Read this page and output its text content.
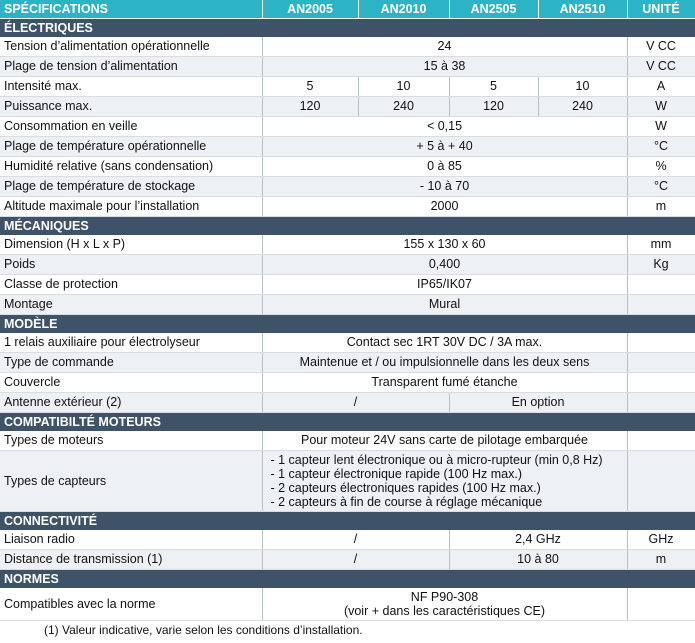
SPÉCIFICATIONS	AN2005	AN2010	AN2505	AN2510	UNITÉ
ÉLECTRIQUES					
Tension d’alimentation opérationnelle	24				V CC
Plage de tension d’alimentation	15 à 38				V CC
Intensité max.	5	10	5	10	A
Puissance max.	120	240	120	240	W
Consommation en veille	< 0,15				W
Plage de température opérationnelle	+ 5 à + 40				°C
Humidité relative (sans condensation)	0 à 85				%
Plage de température de stockage	- 10 à 70				°C
Altitude maximale pour l’installation	2000				m
MÉCANIQUES					
Dimension (H x L x P)	155 x 130 x 60				mm
Poids	0,400				Kg
Classe de protection	IP65/IK07				
Montage	Mural				
MODÈLE					
1 relais auxiliaire pour électrolyseur	Contact sec 1RT 30V DC / 3A max.				
Type de commande	Maintenue et / ou impulsionnelle dans les deux sens				
Couvercle	Transparent fumé étanche				
Antenne extérieur (2)	/		En option		
COMPATIBILTÉ MOTEURS					
Types de moteurs	Pour moteur 24V sans carte de pilotage embarquée				
Types de capteurs	- 1 capteur lent électronique ou à micro-rupteur (min 0,8 Hz)
- 1 capteur électronique rapide (100 Hz max.)
- 2 capteurs électroniques rapides (100 Hz max.)
- 2 capteurs à fin de course à réglage mécanique				

CONNECTIVITÉ					
Liaison radio	/		2,4 GHz		GHz
Distance de transmission (1)	/		10 à 80		m
NORMES					
Compatibles avec la norme	NF P90-308
(voir + dans les caractéristiques CE)				

(1) Valeur indicative, varie selon les conditions d’installation.
